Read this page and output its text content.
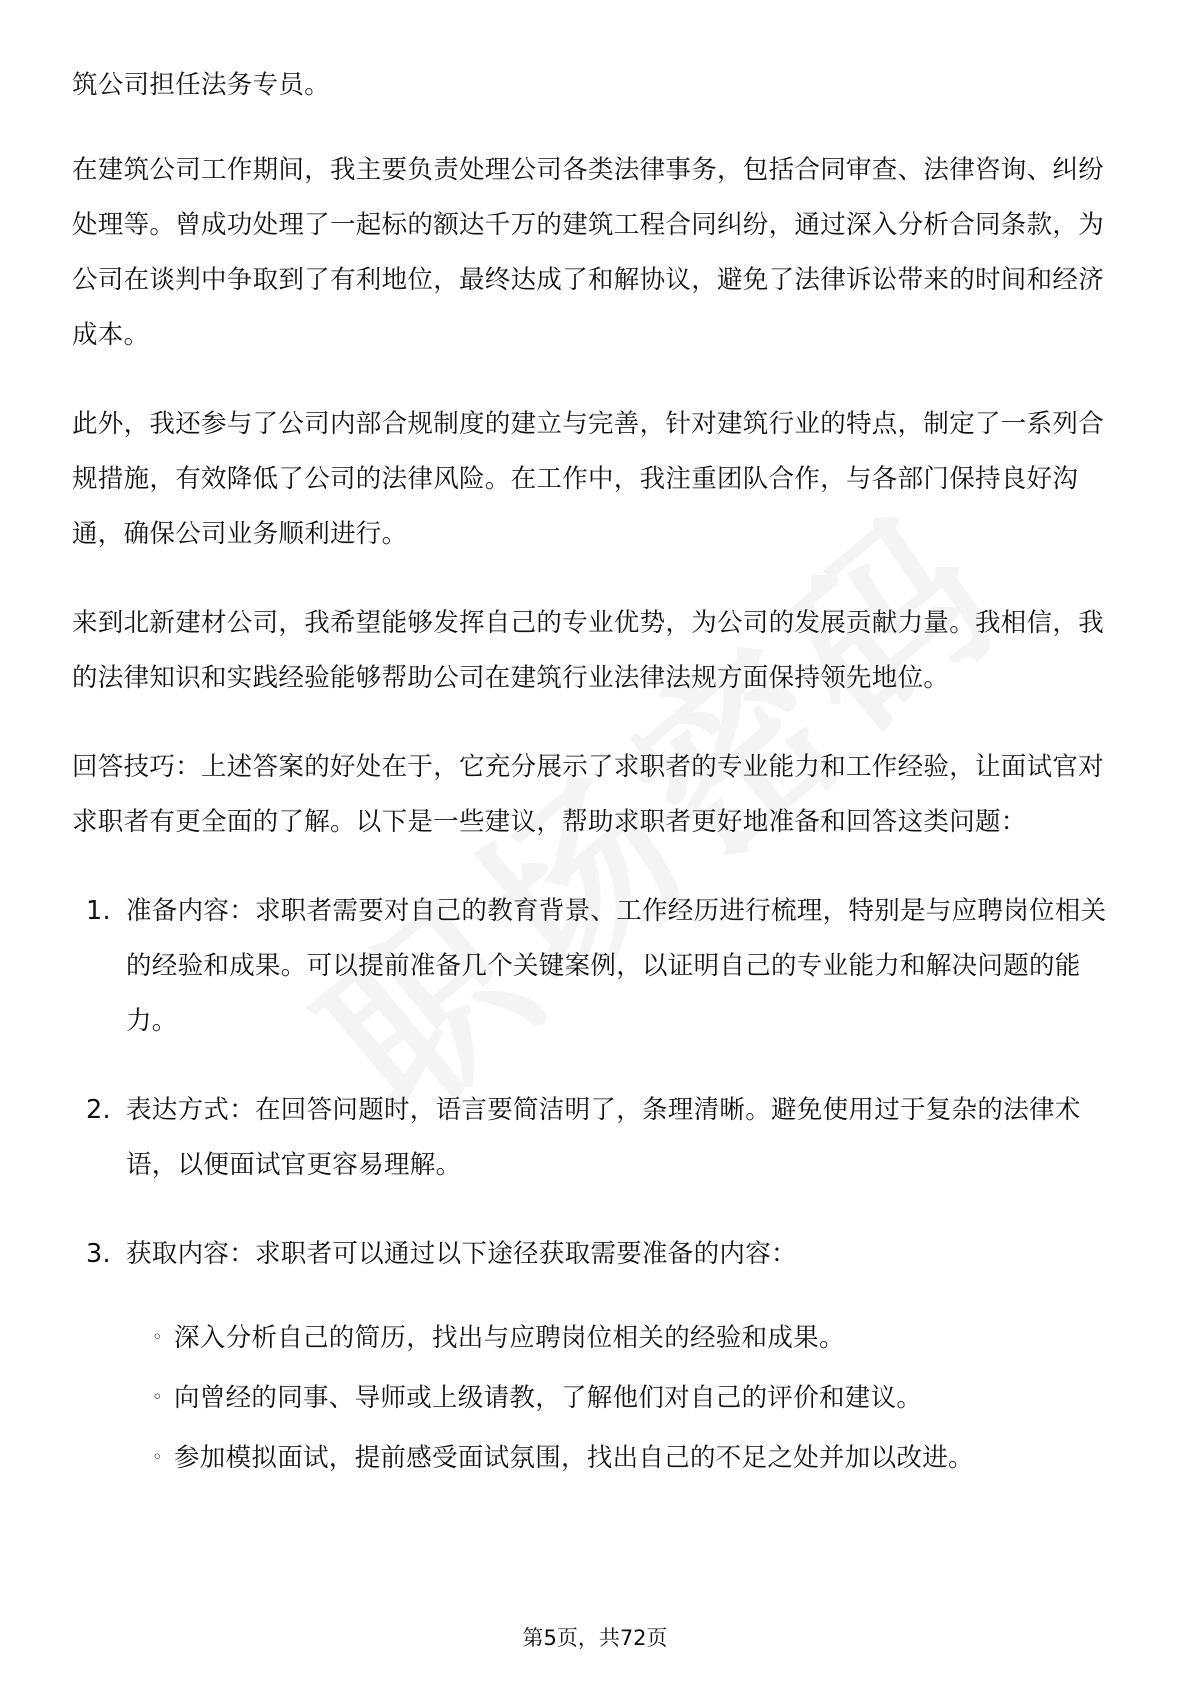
筑公司担任法务专员。

在建筑公司工作期间，我主要负责处理公司各类法律事务，包括合同审查、法律咨询、纠纷处理等。曾成功处理了一起标的额达千万的建筑工程合同纠纷，通过深入分析合同条款，为公司在谈判中争取到了有利地位，最终达成了和解协议，避免了法律诉讼带来的时间和经济成本。

此外，我还参与了公司内部合规制度的建立与完善，针对建筑行业的特点，制定了一系列合规措施，有效降低了公司的法律风险。在工作中，我注重团队合作，与各部门保持良好沟通，确保公司业务顺利进行。

来到北新建材公司，我希望能够发挥自己的专业优势，为公司的发展贡献力量。我相信，我的法律知识和实践经验能够帮助公司在建筑行业法律法规方面保持领先地位。

回答技巧：上述答案的好处在于，它充分展示了求职者的专业能力和工作经验，让面试官对求职者有更全面的了解。以下是一些建议，帮助求职者更好地准备和回答这类问题：

1. 准备内容：求职者需要对自己的教育背景、工作经历进行梳理，特别是与应聘岗位相关的经验和成果。可以提前准备几个关键案例，以证明自己的专业能力和解决问题的能力。
2. 表达方式：在回答问题时，语言要简洁明了，条理清晰。避免使用过于复杂的法律术语，以便面试官更容易理解。
3. 获取内容：求职者可以通过以下途径获取需要准备的内容：
◦ 深入分析自己的简历，找出与应聘岗位相关的经验和成果。
◦ 向曾经的同事、导师或上级请教，了解他们对自己的评价和建议。
◦ 参加模拟面试，提前感受面试氛围，找出自己的不足之处并加以改进。
第5页，共72页
